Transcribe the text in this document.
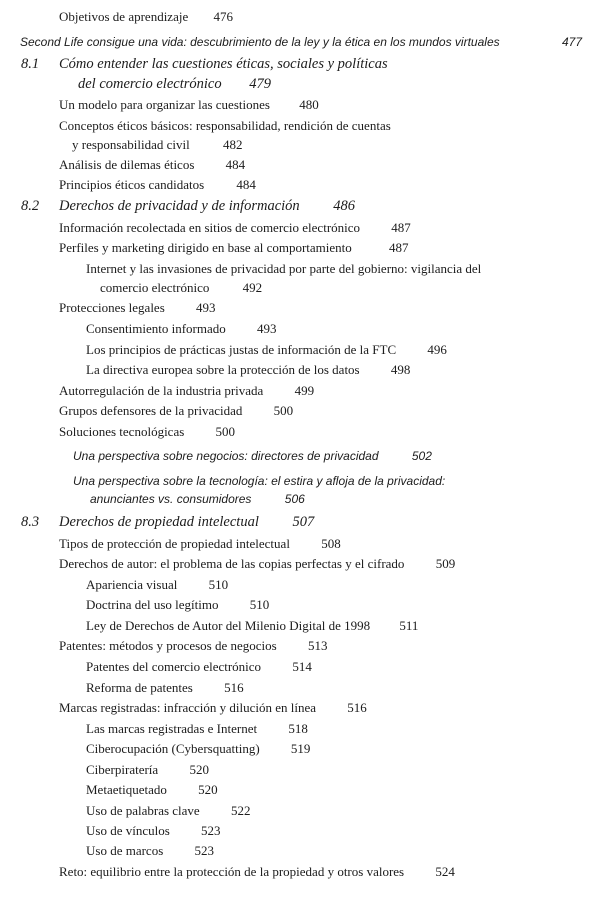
Objetivos de aprendizaje 476
Second Life consigue una vida: descubrimiento de la ley y la ética en los mundos virtuales	477
8.1 Cómo entender las cuestiones éticas, sociales y políticas
del comercio electrónico 479
Un modelo para organizar las cuestiones 480
Conceptos éticos básicos: responsabilidad, rendición de cuentas
y responsabilidad civil	482
Análisis de dilemas éticos 484
Principios éticos candidatos 484
8.2 Derechos de privacidad y de información 486
Información recolectada en sitios de comercio electrónico 487
Perfiles y marketing dirigido en base al comportamiento	487
Internet y las invasiones de privacidad por parte del gobierno: vigilancia del
comercio electrónico	492
Protecciones legales 493
Consentimiento informado 493
Los principios de prácticas justas de información de la FTC 496
La directiva europea sobre la protección de los datos 498
Autorregulación de la industria privada 499
Grupos defensores de la privacidad 500
Soluciones tecnológicas 500
Una perspectiva sobre negocios: directores de privacidad	502
Una perspectiva sobre la tecnología: el estira y afloja de la privacidad:
anunciantes vs. consumidores	506
8.3 Derechos de propiedad intelectual 507
Tipos de protección de propiedad intelectual 508
Derechos de autor: el problema de las copias perfectas y el cifrado 509
Apariencia visual 510
Doctrina del uso legítimo 510
Ley de Derechos de Autor del Milenio Digital de 1998 511
Patentes: métodos y procesos de negocios 513
Patentes del comercio electrónico 514
Reforma de patentes 516
Marcas registradas: infracción y dilución en línea 516
Las marcas registradas e Internet 518
Ciberocupación (Cybersquatting) 519
Ciberpiratería 520
Metaetiquetado 520
Uso de palabras clave 522
Uso de vínculos 523
Uso de marcos 523
Reto: equilibrio entre la protección de la propiedad y otros valores 524
